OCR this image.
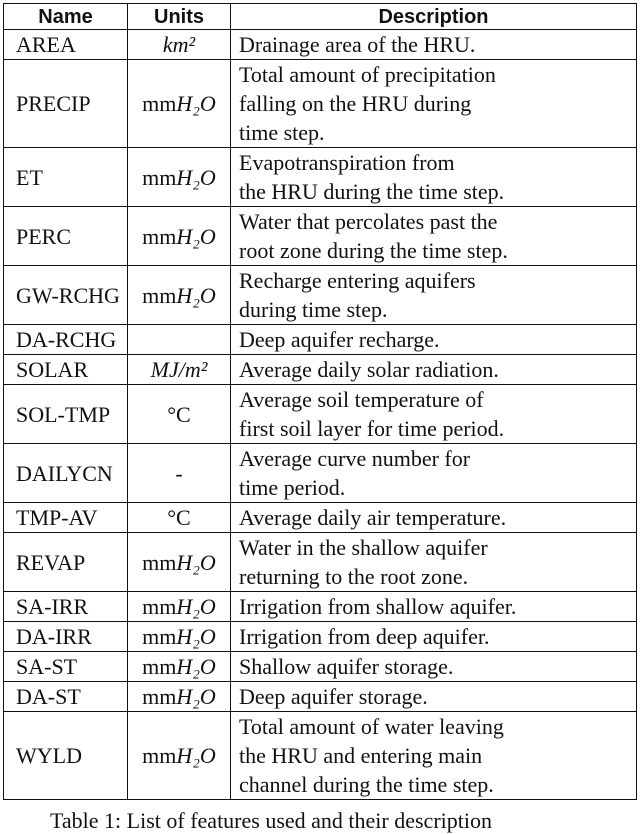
Name	Units	Description
AREA	km²	Drainage area of the HRU.
PRECIP	mmH₂O	Total amount of precipitation
falling on the HRU during
time step.
ET	mmH₂O	Evapotranspiration from
the HRU during the time step.
PERC	mmH₂O	Water that percolates past the
root zone during the time step.
GW-RCHG	mmH₂O	Recharge entering aquifers
during time step.
DA-RCHG		Deep aquifer recharge.
SOLAR	MJ/m²	Average daily solar radiation.
SOL-TMP	°C	Average soil temperature of
first soil layer for time period.
DAILYCN	-	Average curve number for
time period.
TMP-AV	°C	Average daily air temperature.
REVAP	mmH₂O	Water in the shallow aquifer
returning to the root zone.
SA-IRR	mmH₂O	Irrigation from shallow aquifer.
DA-IRR	mmH₂O	Irrigation from deep aquifer.
SA-ST	mmH₂O	Shallow aquifer storage.
DA-ST	mmH₂O	Deep aquifer storage.
WYLD	mmH₂O	Total amount of water leaving
the HRU and entering main
channel during the time step.
Table 1: List of features used and their description
